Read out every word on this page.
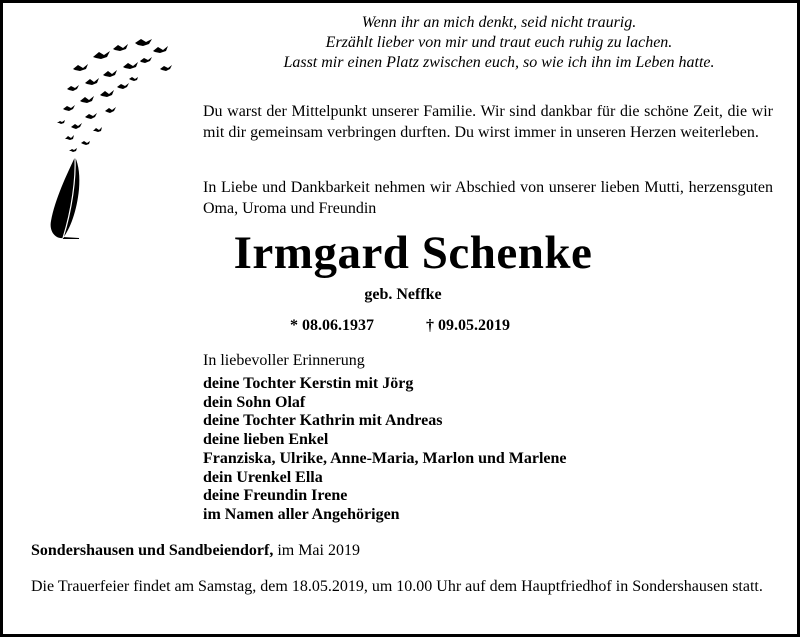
Wenn ihr an mich denkt, seid nicht traurig.
Erzählt lieber von mir und traut euch ruhig zu lachen.
Lasst mir einen Platz zwischen euch, so wie ich ihn im Leben hatte.
Du warst der Mittelpunkt unserer Familie. Wir sind dankbar für die schöne Zeit, die wir mit dir gemeinsam verbringen durften. Du wirst immer in unseren Herzen weiterleben.
In Liebe und Dankbarkeit nehmen wir Abschied von unserer lieben Mutti, herzensguten Oma, Uroma und Freundin
Irmgard Schenke
geb. Neffke
* 08.06.1937	† 09.05.2019
In liebevoller Erinnerung
deine Tochter Kerstin mit Jörg
dein Sohn Olaf
deine Tochter Kathrin mit Andreas
deine lieben Enkel
Franziska, Ulrike, Anne-Maria, Marlon und Marlene
dein Urenkel Ella
deine Freundin Irene
im Namen aller Angehörigen
Sondershausen und Sandbeiendorf, im Mai 2019
Die Trauerfeier findet am Samstag, dem 18.05.2019, um 10.00 Uhr auf dem Hauptfriedhof in Sondershausen statt.
